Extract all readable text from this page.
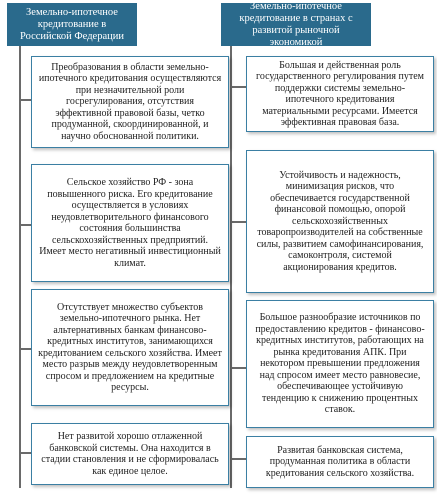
Земельно-ипотечное кредитование в Российской Федерации
Земельно-ипотечное кредитование в странах с развитой рыночной экономикой
Преобразования в области земельно-ипотечного кредитования осуществляются при незначительной роли госрегулирования, отсутствия эффективной правовой базы, четко продуманной, скоординированной, и научно обоснованной политики.
Сельское хозяйство РФ - зона повышенного риска. Его кредитование осуществляется в условиях неудовлетворительного финансового состояния большинства сельскохозяйственных предприятий. Имеет место негативный инвестиционный климат.
Отсутствует множество субъектов земельно-ипотечного рынка. Нет альтернативных банкам финансово-кредитных институтов, занимающихся кредитованием сельского хозяйства. Имеет место разрыв между неудовлетворенным спросом и предложением на кредитные ресурсы.
Нет развитой хорошо отлаженной банковской системы. Она находится в стадии становления и не сформировалась как единое целое.
Большая и действенная роль государственного регулирования путем поддержки системы земельно-ипотечного кредитования материальными ресурсами. Имеется эффективная правовая база.
Устойчивость и надежность, минимизация рисков, что обеспечивается государственной финансовой помощью, опорой сельскохозяйственных товаропроизводителей на собственные силы, развитием самофинансирования, самоконтроля, системой акционирования кредитов.
Большое разнообразие источников по предоставлению кредитов - финансово-кредитных институтов, работающих на рынка кредитования АПК. При некотором превышении предложения над спросом имеет место равновесие, обеспечивающее устойчивую тенденцию к снижению процентных ставок.
Развитая банковская система, продуманная политика в области кредитования сельского хозяйства.
